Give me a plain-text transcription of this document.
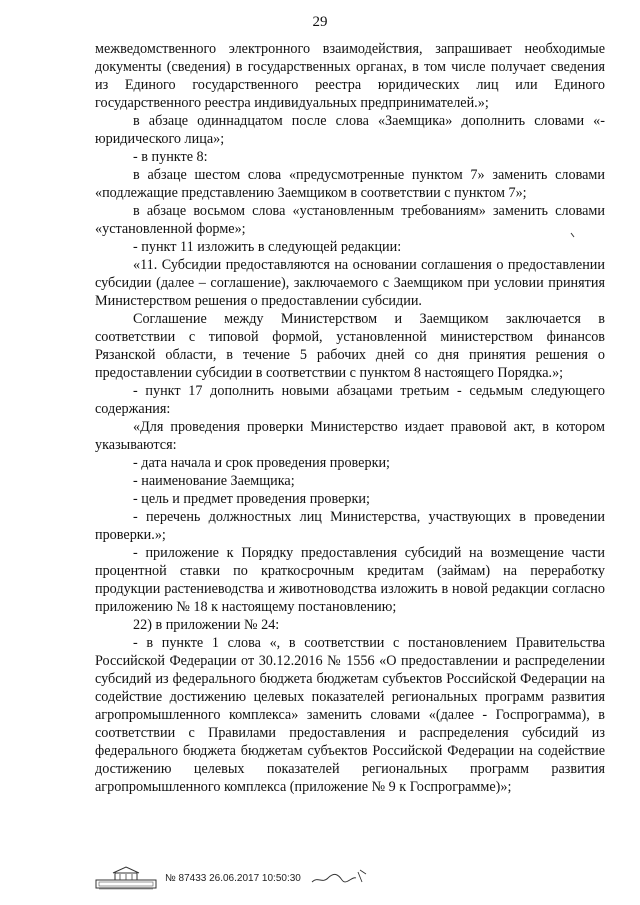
29

межведомственного электронного взаимодействия, запрашивает необходимые документы (сведения) в государственных органах, в том числе получает сведения из Единого государственного реестра юридических лиц или Единого государственного реестра индивидуальных предпринимателей.»;

в абзаце одиннадцатом после слова «Заемщика» дополнить словами «- юридического лица»;

- в пункте 8:

в абзаце шестом слова «предусмотренные пунктом 7» заменить словами «подлежащие представлению Заемщиком в соответствии с пунктом 7»;

в абзаце восьмом слова «установленным требованиям» заменить словами «установленной форме»;

- пункт 11 изложить в следующей редакции:

«11. Субсидии предоставляются на основании соглашения о предоставлении субсидии (далее – соглашение), заключаемого с Заемщиком при условии принятия Министерством решения о предоставлении субсидии.

Соглашение между Министерством и Заемщиком заключается в соответствии с типовой формой, установленной министерством финансов Рязанской области, в течение 5 рабочих дней со дня принятия решения о предоставлении субсидии в соответствии с пунктом 8 настоящего Порядка.»;

- пункт 17 дополнить новыми абзацами третьим - седьмым следующего содержания:

«Для проведения проверки Министерство издает правовой акт, в котором указываются:

- дата начала и срок проведения проверки;

- наименование Заемщика;

- цель и предмет проведения проверки;

- перечень должностных лиц Министерства, участвующих в проведении проверки.»;

- приложение к Порядку предоставления субсидий на возмещение части процентной ставки по краткосрочным кредитам (займам) на переработку продукции растениеводства и животноводства изложить в новой редакции согласно приложению № 18 к настоящему постановлению;

22) в приложении № 24:

- в пункте 1 слова «, в соответствии с постановлением Правительства Российской Федерации от 30.12.2016 № 1556 «О предоставлении и распределении субсидий из федерального бюджета бюджетам субъектов Российской Федерации на содействие достижению целевых показателей региональных программ развития агропромышленного комплекса» заменить словами «(далее - Госпрограмма), в соответствии с Правилами предоставления и распределения субсидий из федерального бюджета бюджетам субъектов Российской Федерации на содействие достижению целевых показателей региональных программ развития агропромышленного комплекса (приложение № 9 к Госпрограмме)»;

№ 87433 26.06.2017 10:50:30
